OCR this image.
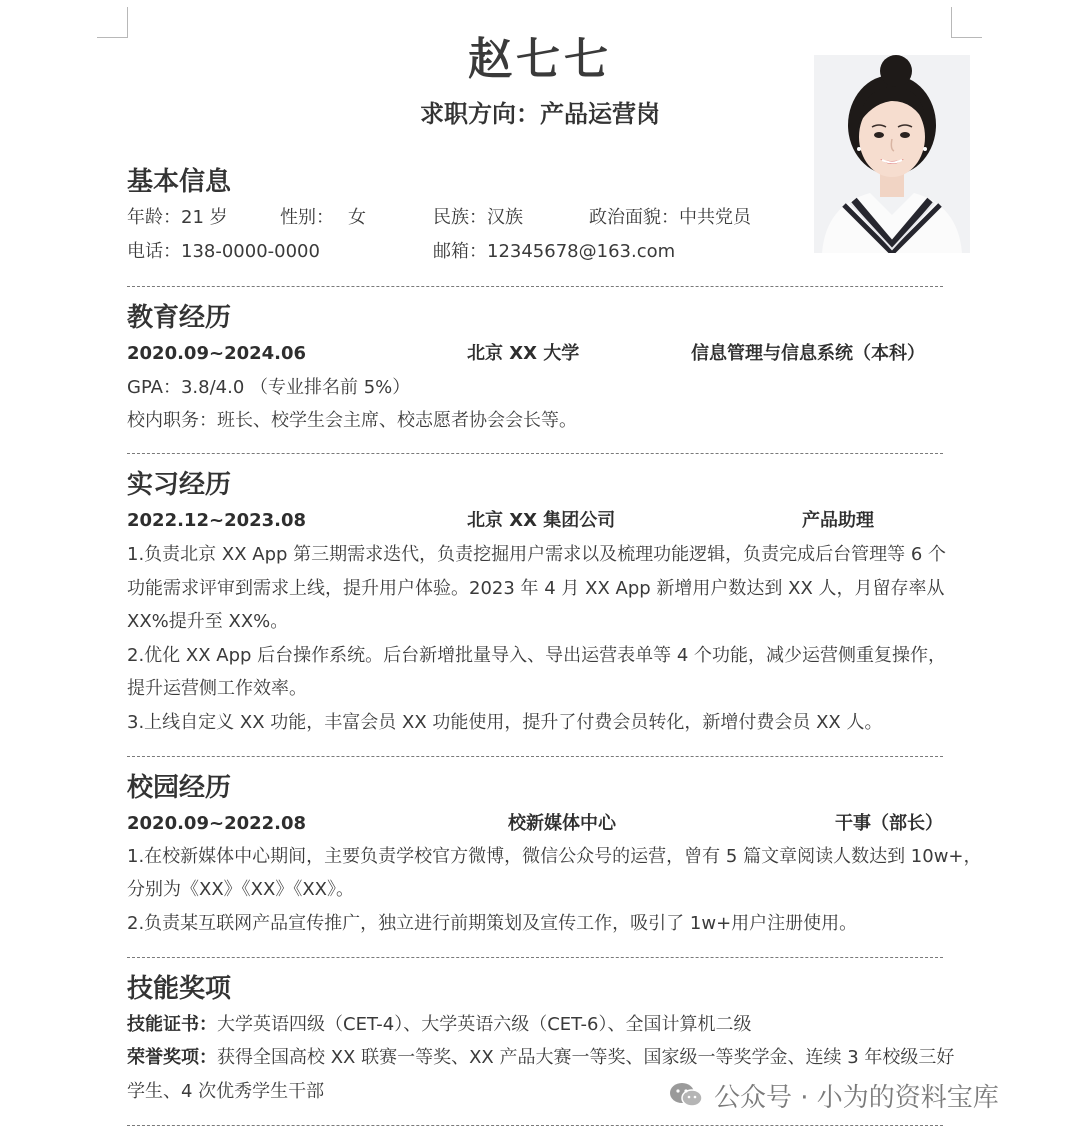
赵七七
求职方向：产品运营岗
基本信息
年龄：21 岁	性别： 女	民族：汉族	政治面貌：中共党员
电话：138-0000-0000	邮箱：12345678@163.com
教育经历
2020.09~2024.06	北京 XX 大学	信息管理与信息系统（本科）
GPA：3.8/4.0 （专业排名前 5%）
校内职务：班长、校学生会主席、校志愿者协会会长等。
实习经历
2022.12~2023.08	北京 XX 集团公司	产品助理
1.负责北京 XX App 第三期需求迭代，负责挖掘用户需求以及梳理功能逻辑，负责完成后台管理等 6 个
功能需求评审到需求上线，提升用户体验。2023 年 4 月 XX App 新增用户数达到 XX 人，月留存率从
XX%提升至 XX%。
2.优化 XX App 后台操作系统。后台新增批量导入、导出运营表单等 4 个功能，减少运营侧重复操作，
提升运营侧工作效率。
3.上线自定义 XX 功能，丰富会员 XX 功能使用，提升了付费会员转化，新增付费会员 XX 人。
校园经历
2020.09~2022.08	校新媒体中心	干事（部长）
1.在校新媒体中心期间，主要负责学校官方微博，微信公众号的运营，曾有 5 篇文章阅读人数达到 10w+，
分别为《XX》《XX》《XX》。
2.负责某互联网产品宣传推广，独立进行前期策划及宣传工作，吸引了 1w+用户注册使用。
技能奖项
技能证书：大学英语四级（CET-4）、大学英语六级（CET-6）、全国计算机二级
荣誉奖项：获得全国高校 XX 联赛一等奖、XX 产品大赛一等奖、国家级一等奖学金、连续 3 年校级三好
学生、4 次优秀学生干部	公众号 · 小为的资料宝库
